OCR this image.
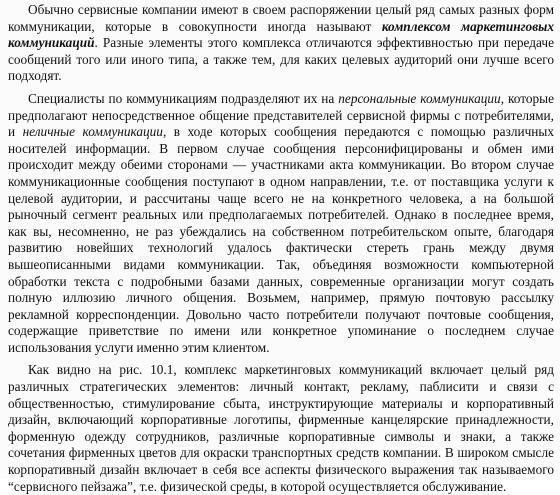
Обычно сервисные компании имеют в своем распоряжении целый ряд самых разных форм коммуникации, которые в совокупности иногда называют комплексом маркетинговых коммуникаций. Разные элементы этого комплекса отличаются эффективностью при передаче сообщений того или иного типа, а также тем, для каких целевых аудиторий они лучше всего подходят.

Специалисты по коммуникациям подразделяют их на персональные коммуникации, которые предполагают непосредственное общение представителей сервисной фирмы с потребителями, и неличные коммуникации, в ходе которых сообщения передаются с помощью различных носителей информации. В первом случае сообщения персонифицированы и обмен ими происходит между обеими сторонами — участниками акта коммуникации. Во втором случае коммуникационные сообщения поступают в одном направлении, т.е. от поставщика услуги к целевой аудитории, и рассчитаны чаще всего не на конкретного человека, а на большой рыночный сегмент реальных или предполагаемых потребителей. Однако в последнее время, как вы, несомненно, не раз убеждались на собственном потребительском опыте, благодаря развитию новейших технологий удалось фактически стереть грань между двумя вышеописанными видами коммуникации. Так, объединяя возможности компьютерной обработки текста с подробными базами данных, современные организации могут создать полную иллюзию личного общения. Возьмем, например, прямую почтовую рассылку рекламной корреспонденции. Довольно часто потребители получают почтовые сообщения, содержащие приветствие по имени или конкретное упоминание о последнем случае использования услуги именно этим клиентом.

Как видно на рис. 10.1, комплекс маркетинговых коммуникаций включает целый ряд различных стратегических элементов: личный контакт, рекламу, паблисити и связи с общественностью, стимулирование сбыта, инструктирующие материалы и корпоративный дизайн, включающий корпоративные логотипы, фирменные канцелярские принадлежности, форменную одежду сотрудников, различные корпоративные символы и знаки, а также сочетания фирменных цветов для окраски транспортных средств компании. В широком смысле корпоративный дизайн включает в себя все аспекты физического выражения так называемого “сервисного пейзажа”, т.е. физической среды, в которой осуществляется обслуживание.
